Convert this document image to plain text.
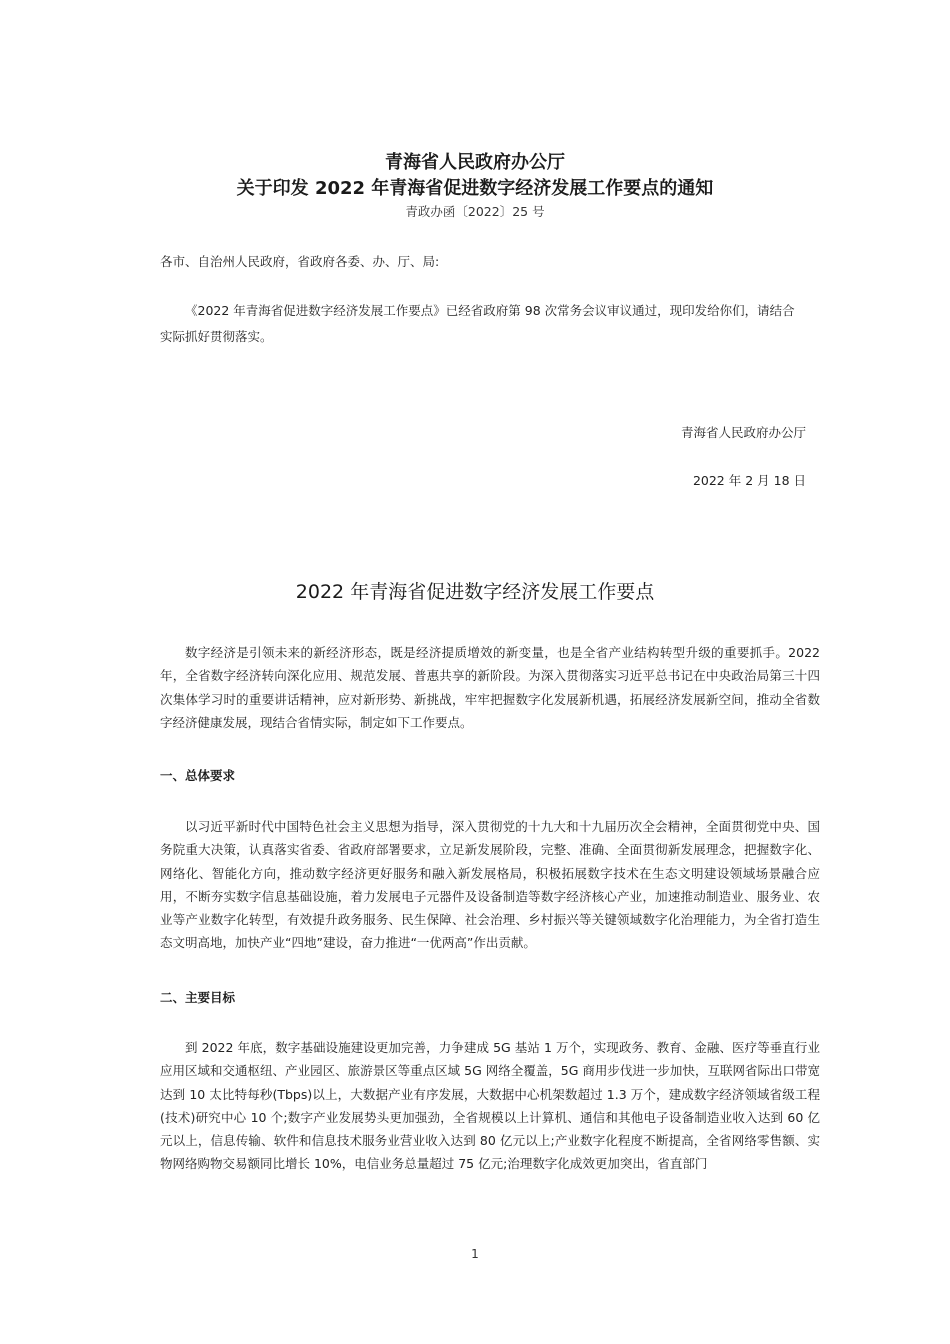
青海省人民政府办公厅
关于印发 2022 年青海省促进数字经济发展工作要点的通知
青政办函〔2022〕25 号
各市、自治州人民政府，省政府各委、办、厅、局:
《2022 年青海省促进数字经济发展工作要点》已经省政府第 98 次常务会议审议通过，现印发给你们，请结合实际抓好贯彻落实。
青海省人民政府办公厅
2022 年 2 月 18 日
2022 年青海省促进数字经济发展工作要点
数字经济是引领未来的新经济形态，既是经济提质增效的新变量，也是全省产业结构转型升级的重要抓手。2022 年，全省数字经济转向深化应用、规范发展、普惠共享的新阶段。为深入贯彻落实习近平总书记在中央政治局第三十四次集体学习时的重要讲话精神，应对新形势、新挑战，牢牢把握数字化发展新机遇，拓展经济发展新空间，推动全省数字经济健康发展，现结合省情实际，制定如下工作要点。
一、总体要求
以习近平新时代中国特色社会主义思想为指导，深入贯彻党的十九大和十九届历次全会精神，全面贯彻党中央、国务院重大决策，认真落实省委、省政府部署要求，立足新发展阶段，完整、准确、全面贯彻新发展理念，把握数字化、网络化、智能化方向，推动数字经济更好服务和融入新发展格局，积极拓展数字技术在生态文明建设领域场景融合应用，不断夯实数字信息基础设施，着力发展电子元器件及设备制造等数字经济核心产业，加速推动制造业、服务业、农业等产业数字化转型，有效提升政务服务、民生保障、社会治理、乡村振兴等关键领域数字化治理能力，为全省打造生态文明高地，加快产业“四地”建设，奋力推进“一优两高”作出贡献。
二、主要目标
到 2022 年底，数字基础设施建设更加完善，力争建成 5G 基站 1 万个，实现政务、教育、金融、医疗等垂直行业应用区域和交通枢纽、产业园区、旅游景区等重点区域 5G 网络全覆盖，5G 商用步伐进一步加快，互联网省际出口带宽达到 10 太比特每秒(Tbps)以上，大数据产业有序发展，大数据中心机架数超过 1.3 万个，建成数字经济领域省级工程(技术)研究中心 10 个;数字产业发展势头更加强劲，全省规模以上计算机、通信和其他电子设备制造业收入达到 60 亿元以上，信息传输、软件和信息技术服务业营业收入达到 80 亿元以上;产业数字化程度不断提高，全省网络零售额、实物网络购物交易额同比增长 10%，电信业务总量超过 75 亿元;治理数字化成效更加突出，省直部门
1
